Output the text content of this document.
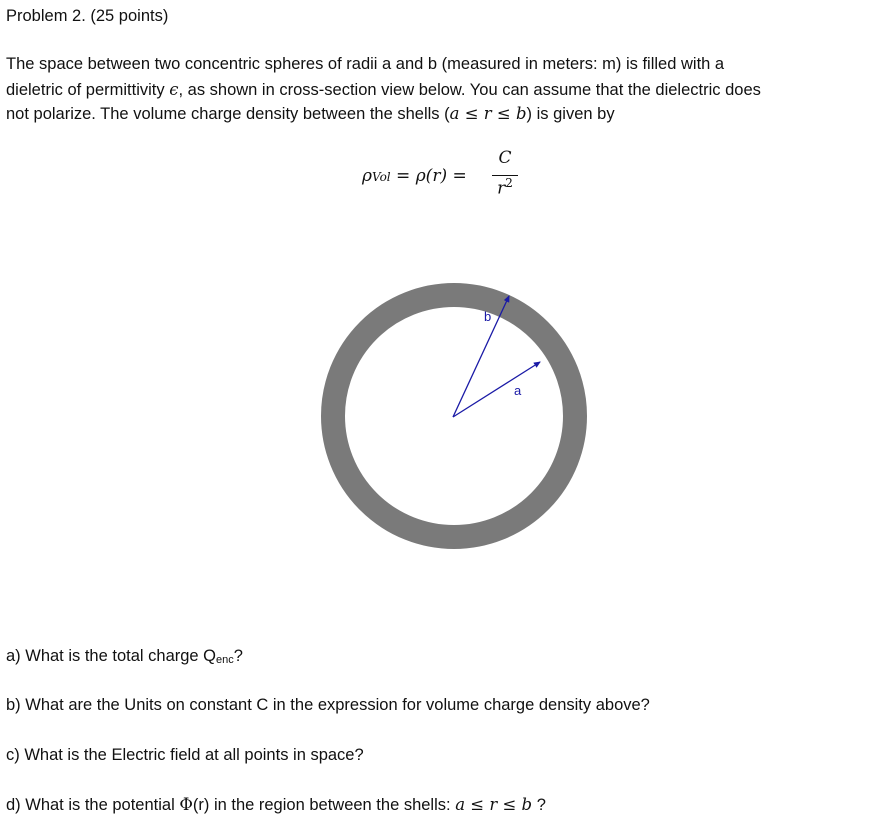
Problem 2. (25 points)
The space between two concentric spheres of radii a and b (measured in meters: m) is filled with a
dieletric of permittivity ϵ, as shown in cross-section view below. You can assume that the dielectric does
not polarize. The volume charge density between the shells (a ≤ r ≤ b) is given by
ρVol = ρ(r) =
C
$r^2$
b
a
a) What is the total charge $Q_{enc}$?
b) What are the Units on constant C in the expression for volume charge density above?
c) What is the Electric field at all points in space?
d) What is the potential Φ(r) in the region between the shells: a ≤ r ≤ b ?
